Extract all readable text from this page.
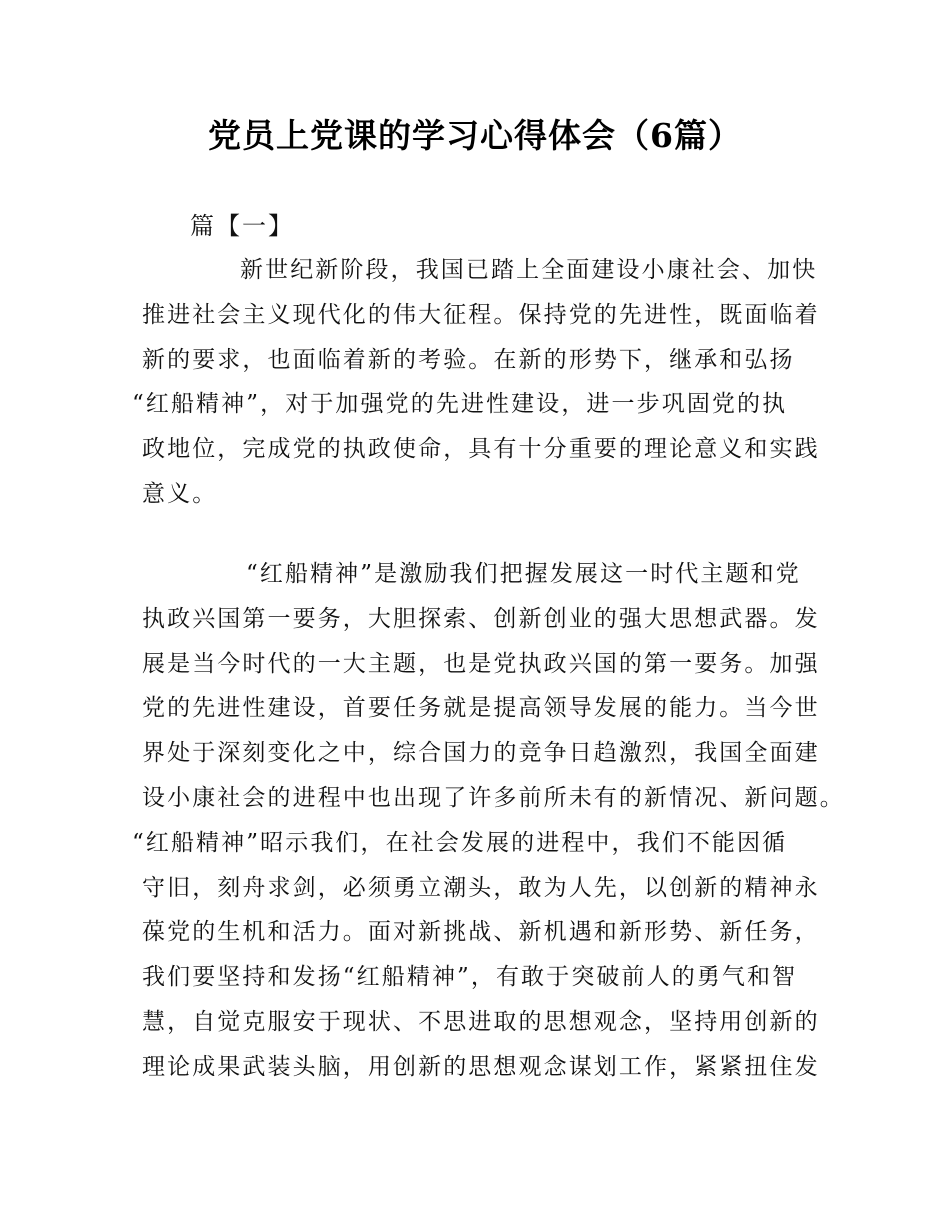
党员上党课的学习心得体会（6篇）
篇【一】
新世纪新阶段，我国已踏上全面建设小康社会、加快
推进社会主义现代化的伟大征程。保持党的先进性，既面临着
新的要求，也面临着新的考验。在新的形势下，继承和弘扬
“红船精神”，对于加强党的先进性建设，进一步巩固党的执
政地位，完成党的执政使命，具有十分重要的理论意义和实践
意义。
“红船精神”是激励我们把握发展这一时代主题和党
执政兴国第一要务，大胆探索、创新创业的强大思想武器。发
展是当今时代的一大主题，也是党执政兴国的第一要务。加强
党的先进性建设，首要任务就是提高领导发展的能力。当今世
界处于深刻变化之中，综合国力的竞争日趋激烈，我国全面建
设小康社会的进程中也出现了许多前所未有的新情况、新问题。
“红船精神”昭示我们，在社会发展的进程中，我们不能因循
守旧，刻舟求剑，必须勇立潮头，敢为人先，以创新的精神永
葆党的生机和活力。面对新挑战、新机遇和新形势、新任务，
我们要坚持和发扬“红船精神”，有敢于突破前人的勇气和智
慧，自觉克服安于现状、不思进取的思想观念，坚持用创新的
理论成果武装头脑，用创新的思想观念谋划工作，紧紧扭住发
